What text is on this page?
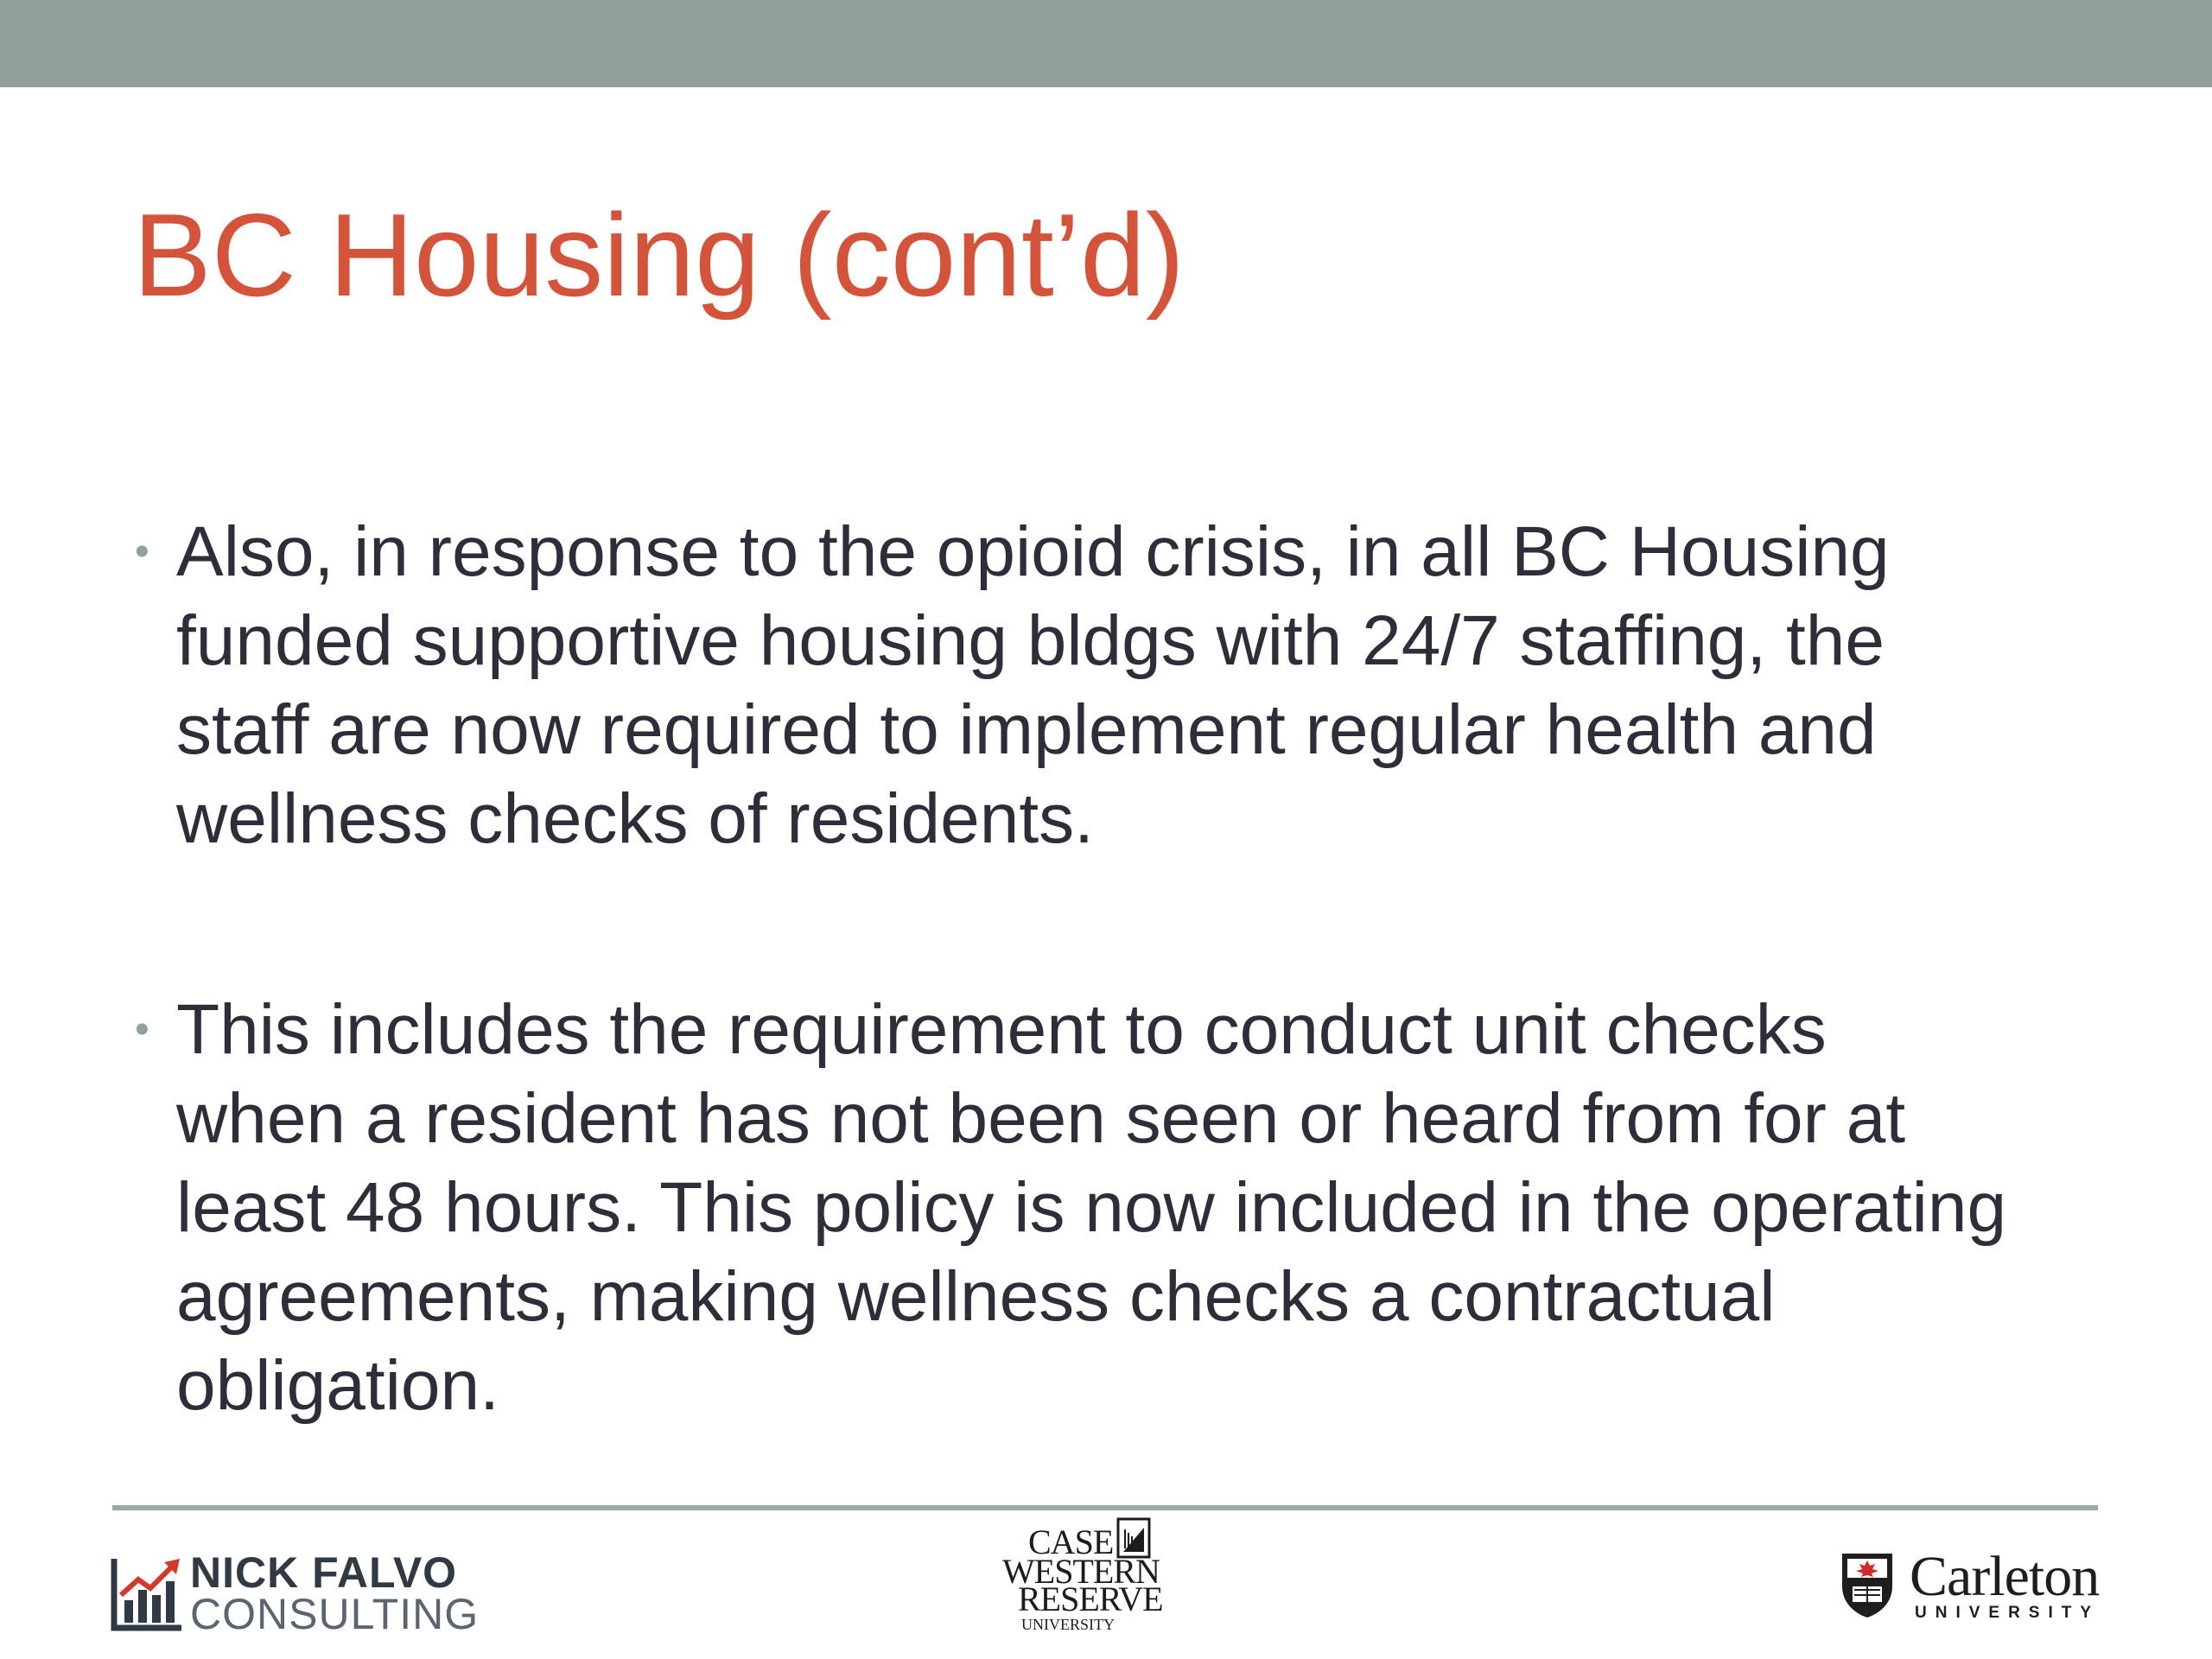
BC Housing (cont’d)
• Also, in response to the opioid crisis, in all BC Housing funded supportive housing bldgs with 24/7 staffing, the staff are now required to implement regular health and wellness checks of residents.
• This includes the requirement to conduct unit checks when a resident has not been seen or heard from for at least 48 hours. This policy is now included in the operating agreements, making wellness checks a contractual obligation.
NICK FALVO
CONSULTING
CASE
WESTERN
RESERVE
UNIVERSITY
Carleton
UNIVERSITY
